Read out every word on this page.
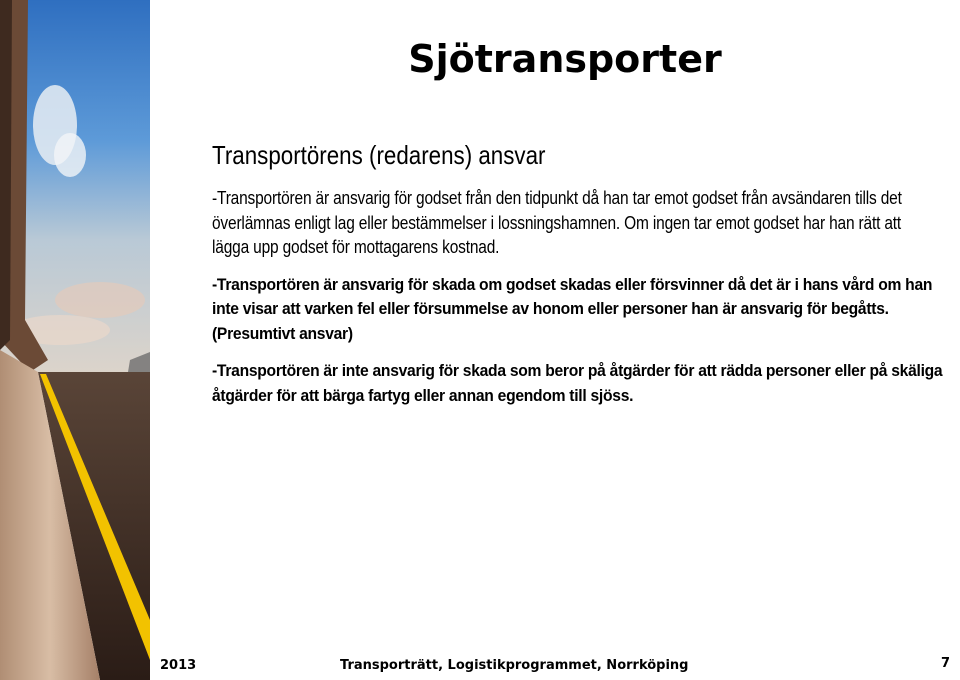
Sjötransporter
Transportörens (redarens) ansvar

-Transportören är ansvarig för godset från den tidpunkt då han tar emot godset från avsändaren tills det överlämnas enligt lag eller bestämmelser i lossningshamnen. Om ingen tar emot godset har han rätt att lägga upp godset för mottagarens kostnad.

-Transportören är ansvarig för skada om godset skadas eller försvinner då det är i hans vård om han inte visar att varken fel eller försummelse av honom eller personer han är ansvarig för begåtts. (Presumtivt ansvar)

-Transportören är inte ansvarig för skada som beror på åtgärder för att rädda personer eller på skäliga åtgärder för att bärga fartyg eller annan egendom till sjöss.

2013	Transporträtt, Logistikprogrammet, Norrköping	7
